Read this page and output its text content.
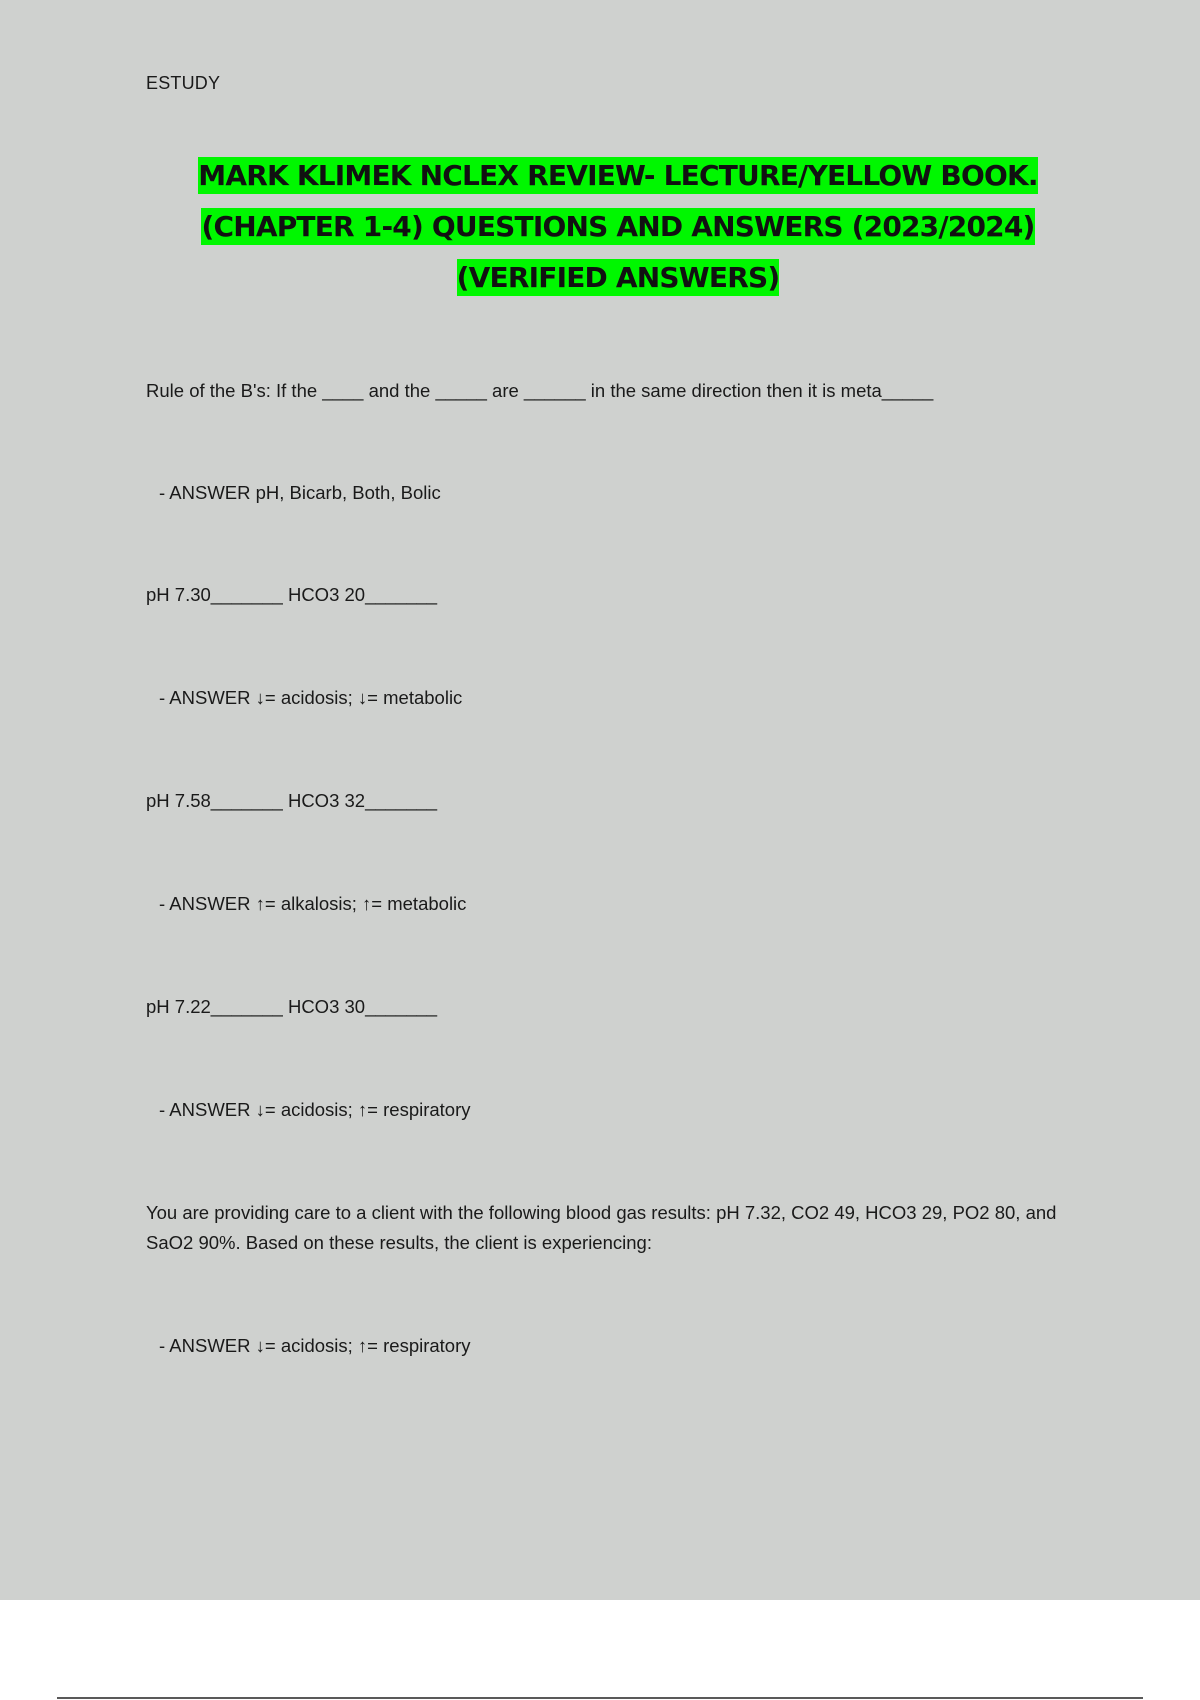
ESTUDY
MARK KLIMEK NCLEX REVIEW- LECTURE/YELLOW BOOK.
(CHAPTER 1-4) QUESTIONS AND ANSWERS (2023/2024)
(VERIFIED ANSWERS)
Rule of the B's: If the ____ and the _____ are ______ in the same direction then it is meta_____
- ANSWER pH, Bicarb, Both, Bolic
pH 7.30_______ HCO3 20_______
- ANSWER ↓= acidosis; ↓= metabolic
pH 7.58_______ HCO3 32_______
- ANSWER ↑= alkalosis; ↑= metabolic
pH 7.22_______ HCO3 30_______
- ANSWER ↓= acidosis; ↑= respiratory
You are providing care to a client with the following blood gas results: pH 7.32, CO2 49, HCO3 29, PO2 80, and SaO2 90%. Based on these results, the client is experiencing:
- ANSWER ↓= acidosis; ↑= respiratory
